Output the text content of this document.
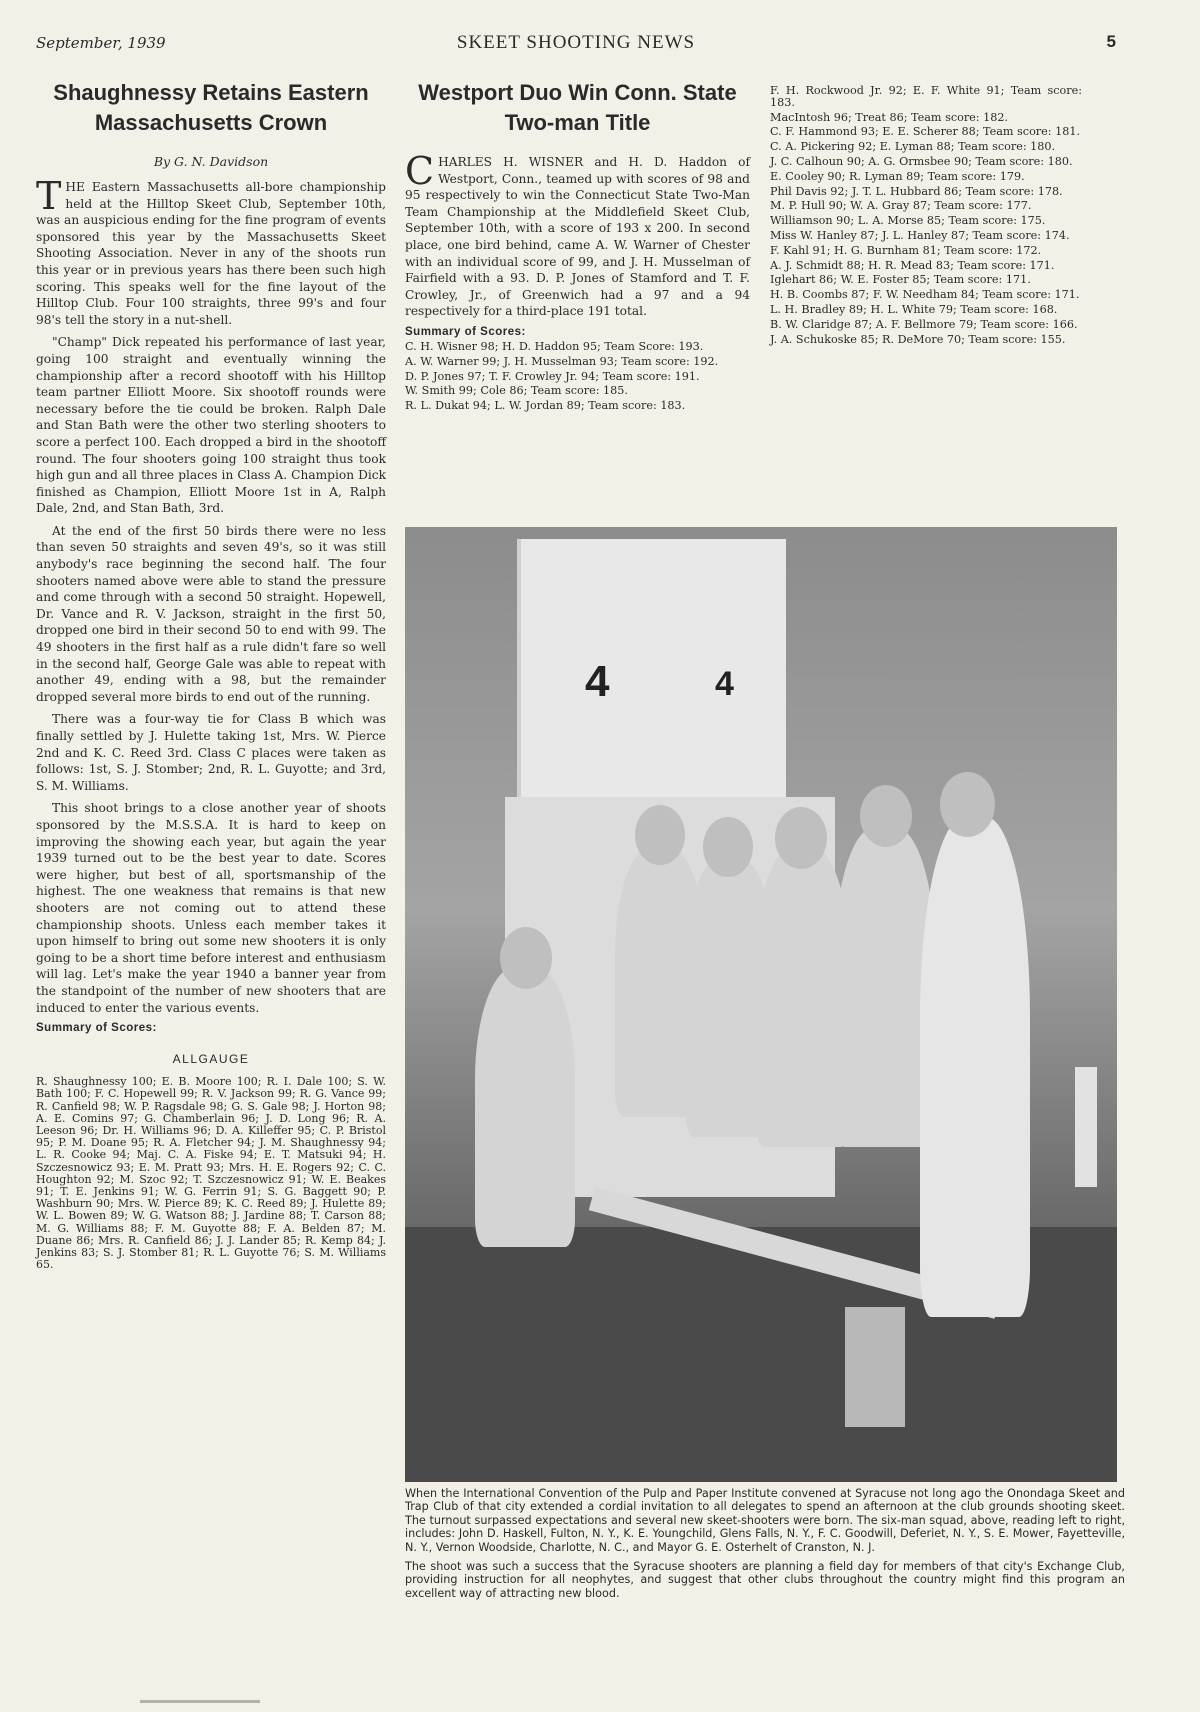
September, 1939	SKEET SHOOTING NEWS	5
Shaughnessy Retains Eastern Massachusetts Crown

By G. N. Davidson

THE Eastern Massachusetts all-bore championship held at the Hilltop Skeet Club, September 10th, was an auspicious ending for the fine program of events sponsored this year by the Massachusetts Skeet Shooting Association. Never in any of the shoots run this year or in previous years has there been such high scoring. This speaks well for the fine layout of the Hilltop Club. Four 100 straights, three 99's and four 98's tell the story in a nut-shell.

"Champ" Dick repeated his performance of last year, going 100 straight and eventually winning the championship after a record shootoff with his Hilltop team partner Elliott Moore. Six shootoff rounds were necessary before the tie could be broken. Ralph Dale and Stan Bath were the other two sterling shooters to score a perfect 100. Each dropped a bird in the shootoff round. The four shooters going 100 straight thus took high gun and all three places in Class A. Champion Dick finished as Champion, Elliott Moore 1st in A, Ralph Dale, 2nd, and Stan Bath, 3rd.

At the end of the first 50 birds there were no less than seven 50 straights and seven 49's, so it was still anybody's race beginning the second half. The four shooters named above were able to stand the pressure and come through with a second 50 straight. Hopewell, Dr. Vance and R. V. Jackson, straight in the first 50, dropped one bird in their second 50 to end with 99. The 49 shooters in the first half as a rule didn't fare so well in the second half, George Gale was able to repeat with another 49, ending with a 98, but the remainder dropped several more birds to end out of the running.

There was a four-way tie for Class B which was finally settled by J. Hulette taking 1st, Mrs. W. Pierce 2nd and K. C. Reed 3rd. Class C places were taken as follows: 1st, S. J. Stomber; 2nd, R. L. Guyotte; and 3rd, S. M. Williams.

This shoot brings to a close another year of shoots sponsored by the M.S.S.A. It is hard to keep on improving the showing each year, but again the year 1939 turned out to be the best year to date. Scores were higher, but best of all, sportsmanship of the highest. The one weakness that remains is that new shooters are not coming out to attend these championship shoots. Unless each member takes it upon himself to bring out some new shooters it is only going to be a short time before interest and enthusiasm will lag. Let's make the year 1940 a banner year from the standpoint of the number of new shooters that are induced to enter the various events.

Summary of Scores:
ALLGAUGE

R. Shaughnessy 100; E. B. Moore 100; R. I. Dale 100; S. W. Bath 100; F. C. Hopewell 99; R. V. Jackson 99; R. G. Vance 99; R. Canfield 98; W. P. Ragsdale 98; G. S. Gale 98; J. Horton 98; A. E. Comins 97; G. Chamberlain 96; J. D. Long 96; R. A. Leeson 96; Dr. H. Williams 96; D. A. Killeffer 95; C. P. Bristol 95; P. M. Doane 95; R. A. Fletcher 94; J. M. Shaughnessy 94; L. R. Cooke 94; Maj. C. A. Fiske 94; E. T. Matsuki 94; H. Szczesnowicz 93; E. M. Pratt 93; Mrs. H. E. Rogers 92; C. C. Houghton 92; M. Szoc 92; T. Szczesnowicz 91; W. E. Beakes 91; T. E. Jenkins 91; W. G. Ferrin 91; S. G. Baggett 90; P. Washburn 90; Mrs. W. Pierce 89; K. C. Reed 89; J. Hulette 89; W. L. Bowen 89; W. G. Watson 88; J. Jardine 88; T. Carson 88; M. G. Williams 88; F. M. Guyotte 88; F. A. Belden 87; M. Duane 86; Mrs. R. Canfield 86; J. J. Lander 85; R. Kemp 84; J. Jenkins 83; S. J. Stomber 81; R. L. Guyotte 76; S. M. Williams 65.

Westport Duo Win Conn. State Two-man Title

CHARLES H. WISNER and H. D. Haddon of Westport, Conn., teamed up with scores of 98 and 95 respectively to win the Connecticut State Two-Man Team Championship at the Middlefield Skeet Club, September 10th, with a score of 193 x 200. In second place, one bird behind, came A. W. Warner of Chester with an individual score of 99, and J. H. Musselman of Fairfield with a 93. D. P. Jones of Stamford and T. F. Crowley, Jr., of Greenwich had a 97 and a 94 respectively for a third-place 191 total.

Summary of Scores:

C. H. Wisner 98; H. D. Haddon 95; Team Score: 193.

A. W. Warner 99; J. H. Musselman 93; Team score: 192.

D. P. Jones 97; T. F. Crowley Jr. 94; Team score: 191.

W. Smith 99; Cole 86; Team score: 185.

R. L. Dukat 94; L. W. Jordan 89; Team score: 183.

F. H. Rockwood Jr. 92; E. F. White 91; Team score: 183.

MacIntosh 96; Treat 86; Team score: 182.

C. F. Hammond 93; E. E. Scherer 88; Team score: 181.

C. A. Pickering 92; E. Lyman 88; Team score: 180.

J. C. Calhoun 90; A. G. Ormsbee 90; Team score: 180.

E. Cooley 90; R. Lyman 89; Team score: 179.

Phil Davis 92; J. T. L. Hubbard 86; Team score: 178.

M. P. Hull 90; W. A. Gray 87; Team score: 177.

Williamson 90; L. A. Morse 85; Team score: 175.

Miss W. Hanley 87; J. L. Hanley 87; Team score: 174.

F. Kahl 91; H. G. Burnham 81; Team score: 172.

A. J. Schmidt 88; H. R. Mead 83; Team score: 171.

Iglehart 86; W. E. Foster 85; Team score: 171.

H. B. Coombs 87; F. W. Needham 84; Team score: 171.

L. H. Bradley 89; H. L. White 79; Team score: 168.

B. W. Claridge 87; A. F. Bellmore 79; Team score: 166.

J. A. Schukoske 85; R. DeMore 70; Team score: 155.

4	4

When the International Convention of the Pulp and Paper Institute convened at Syracuse not long ago the Onondaga Skeet and Trap Club of that city extended a cordial invitation to all delegates to spend an afternoon at the club grounds shooting skeet. The turnout surpassed expectations and several new skeet-shooters were born. The six-man squad, above, reading left to right, includes: John D. Haskell, Fulton, N. Y., K. E. Youngchild, Glens Falls, N. Y., F. C. Goodwill, Deferiet, N. Y., S. E. Mower, Fayetteville, N. Y., Vernon Woodside, Charlotte, N. C., and Mayor G. E. Osterhelt of Cranston, N. J.

The shoot was such a success that the Syracuse shooters are planning a field day for members of that city's Exchange Club, providing instruction for all neophytes, and suggest that other clubs throughout the country might find this program an excellent way of attracting new blood.
